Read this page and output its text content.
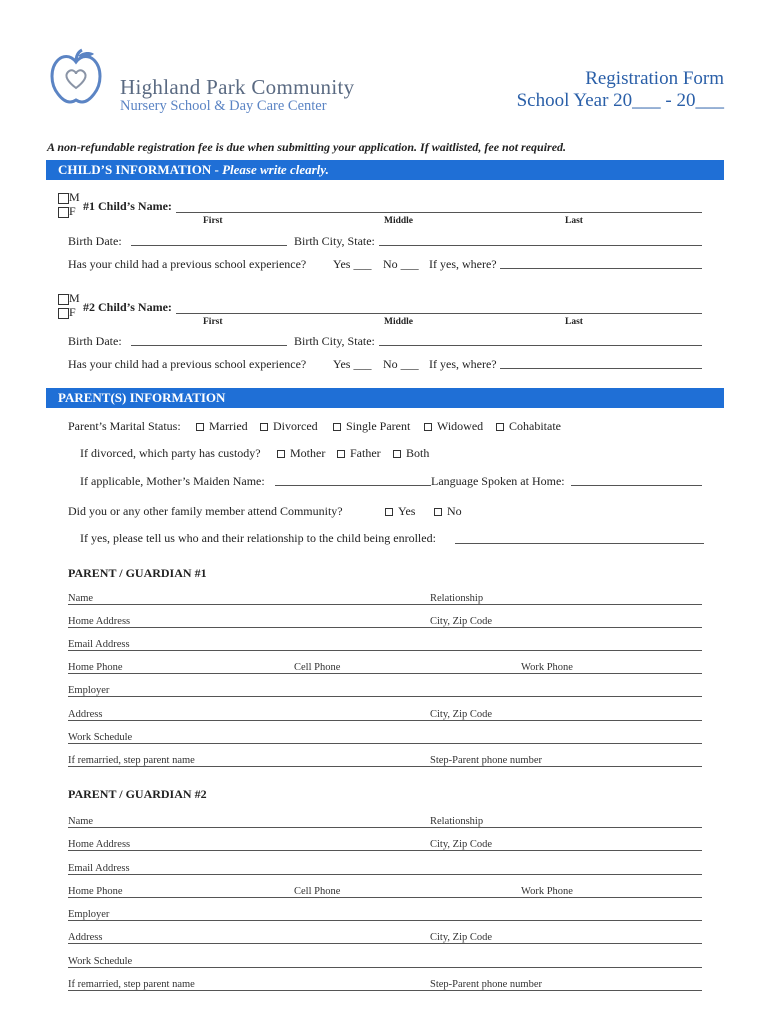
Highland Park Community
Nursery School & Day Care Center
Registration Form
School Year 20___ - 20___
A non-refundable registration fee is due when submitting your application. If waitlisted, fee not required.
CHILD’S INFORMATION - Please write clearly.
M
F #1 Child’s Name:
First	Middle	Last
Birth Date:	Birth City, State:
Has your child had a previous school experience? Yes ___ No ___ If yes, where?
M
F #2 Child’s Name:
First	Middle	Last
Birth Date:	Birth City, State:
Has your child had a previous school experience? Yes ___ No ___ If yes, where?
PARENT(S) INFORMATION
Parent’s Marital Status:	Married	Divorced	Single Parent	Widowed	Cohabitate
If divorced, which party has custody?	Mother	Father	Both
If applicable, Mother’s Maiden Name:	Language Spoken at Home:
Did you or any other family member attend Community?	Yes	No
If yes, please tell us who and their relationship to the child being enrolled:
PARENT / GUARDIAN #1
Name	Relationship
Home Address	City, Zip Code
Email Address
Home Phone	Cell Phone	Work Phone
Employer
Address	City, Zip Code
Work Schedule
If remarried, step parent name	Step-Parent phone number
PARENT / GUARDIAN #2
Name	Relationship
Home Address	City, Zip Code
Email Address
Home Phone	Cell Phone	Work Phone
Employer
Address	City, Zip Code
Work Schedule
If remarried, step parent name	Step-Parent phone number
